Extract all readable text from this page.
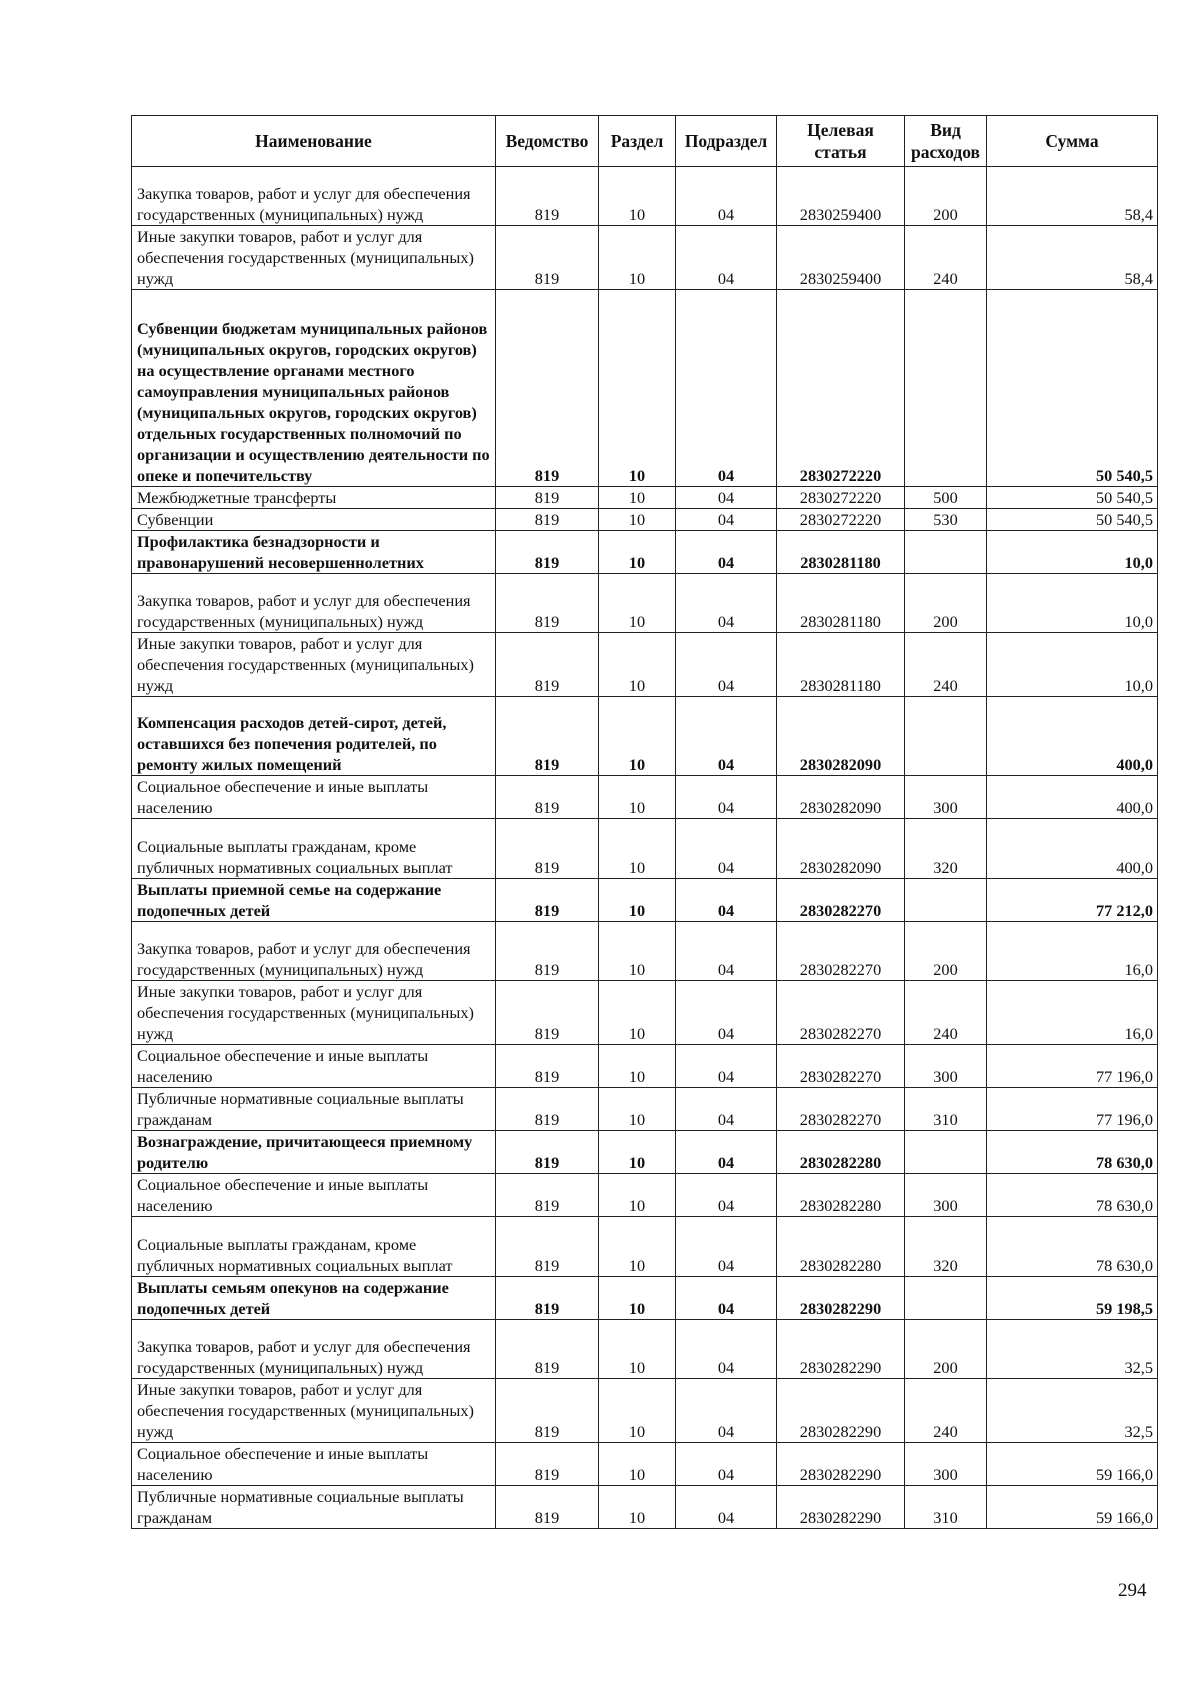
Наименование	Ведомство	Раздел	Подраздел	Целевая статья	Вид расходов	Сумма
Закупка товаров, работ и услуг для обеспечения государственных (муниципальных) нужд	819	10	04	2830259400	200	58,4
Иные закупки товаров, работ и услуг для обеспечения государственных (муниципальных) нужд	819	10	04	2830259400	240	58,4
Субвенции бюджетам муниципальных районов (муниципальных округов, городских округов) на осуществление органами местного самоуправления муниципальных районов (муниципальных округов, городских округов) отдельных государственных полномочий по организации и осуществлению деятельности по опеке и попечительству	819	10	04	2830272220		50 540,5
Межбюджетные трансферты	819	10	04	2830272220	500	50 540,5
Субвенции	819	10	04	2830272220	530	50 540,5
Профилактика безнадзорности и правонарушений несовершеннолетних	819	10	04	2830281180		10,0
Закупка товаров, работ и услуг для обеспечения государственных (муниципальных) нужд	819	10	04	2830281180	200	10,0
Иные закупки товаров, работ и услуг для обеспечения государственных (муниципальных) нужд	819	10	04	2830281180	240	10,0
Компенсация расходов детей-сирот, детей, оставшихся без попечения родителей, по ремонту жилых помещений	819	10	04	2830282090		400,0
Социальное обеспечение и иные выплаты населению	819	10	04	2830282090	300	400,0
Социальные выплаты гражданам, кроме публичных нормативных социальных выплат	819	10	04	2830282090	320	400,0
Выплаты приемной семье на содержание подопечных детей	819	10	04	2830282270		77 212,0
Закупка товаров, работ и услуг для обеспечения государственных (муниципальных) нужд	819	10	04	2830282270	200	16,0
Иные закупки товаров, работ и услуг для обеспечения государственных (муниципальных) нужд	819	10	04	2830282270	240	16,0
Социальное обеспечение и иные выплаты населению	819	10	04	2830282270	300	77 196,0
Публичные нормативные социальные выплаты гражданам	819	10	04	2830282270	310	77 196,0
Вознаграждение, причитающееся приемному родителю	819	10	04	2830282280		78 630,0
Социальное обеспечение и иные выплаты населению	819	10	04	2830282280	300	78 630,0
Социальные выплаты гражданам, кроме публичных нормативных социальных выплат	819	10	04	2830282280	320	78 630,0
Выплаты семьям опекунов на содержание подопечных детей	819	10	04	2830282290		59 198,5
Закупка товаров, работ и услуг для обеспечения государственных (муниципальных) нужд	819	10	04	2830282290	200	32,5
Иные закупки товаров, работ и услуг для обеспечения государственных (муниципальных) нужд	819	10	04	2830282290	240	32,5
Социальное обеспечение и иные выплаты населению	819	10	04	2830282290	300	59 166,0
Публичные нормативные социальные выплаты гражданам	819	10	04	2830282290	310	59 166,0
294
